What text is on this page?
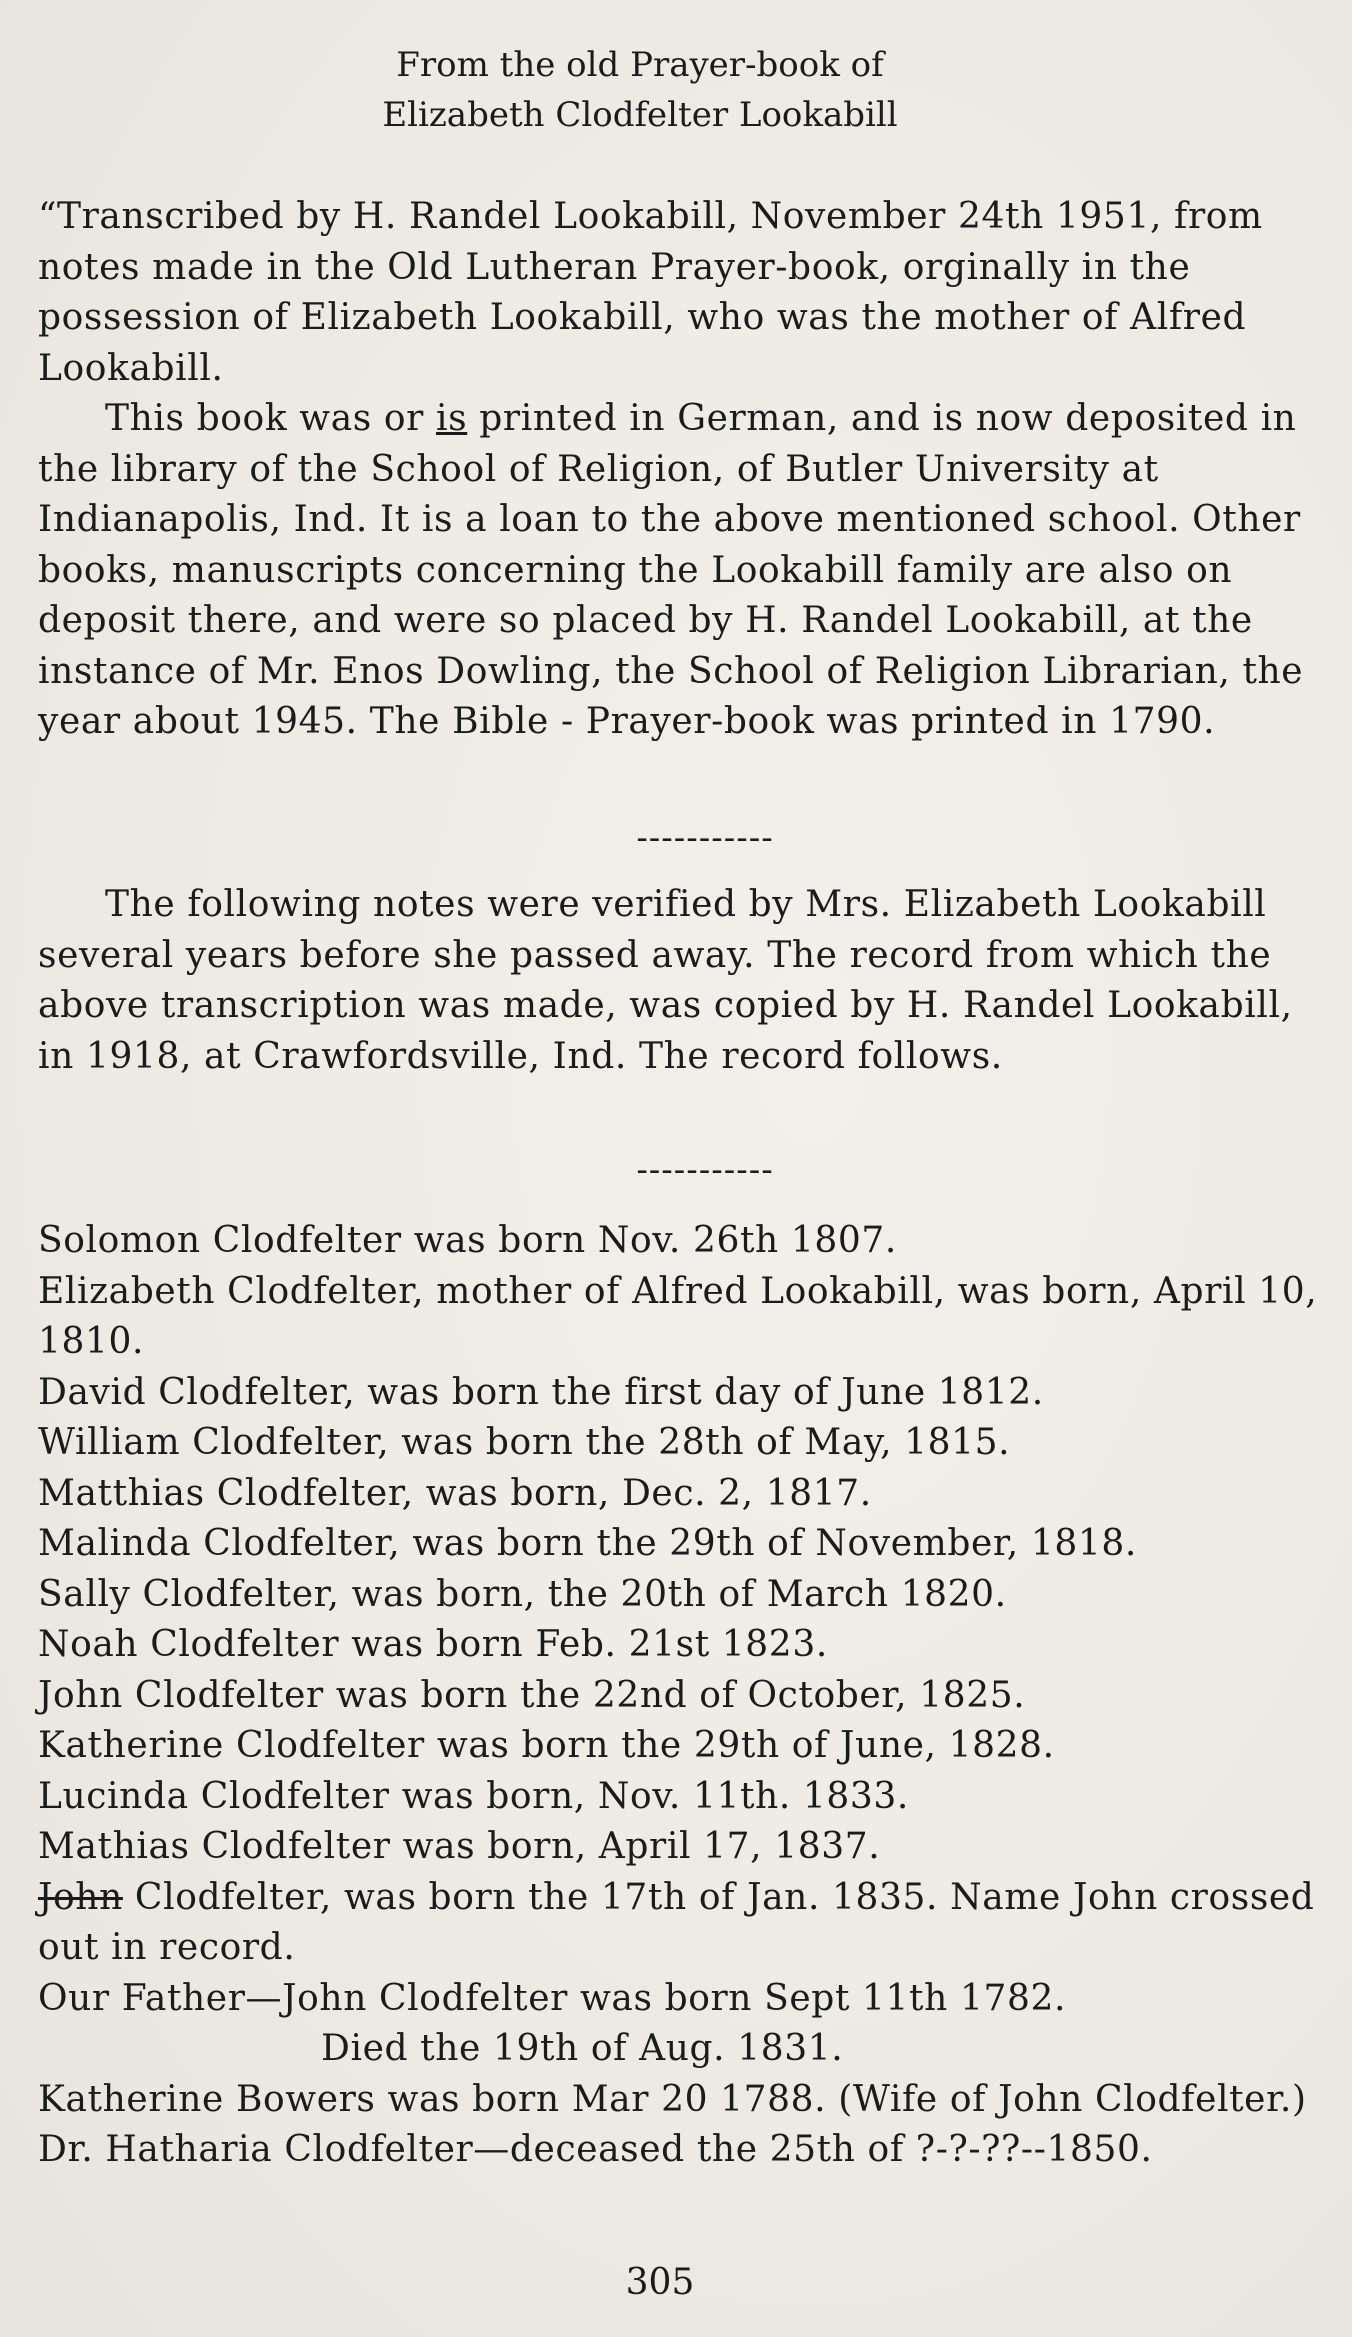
From the old Prayer-book of
Elizabeth Clodfelter Lookabill

“Transcribed by H. Randel Lookabill, November 24th 1951, from notes made in the Old Lutheran Prayer-book, orginally in the possession of Elizabeth Lookabill, who was the mother of Alfred Lookabill.

This book was or is printed in German, and is now deposited in the library of the School of Religion, of Butler University at Indianapolis, Ind. It is a loan to the above mentioned school. Other books, manuscripts concerning the Lookabill family are also on deposit there, and were so placed by H. Randel Lookabill, at the instance of Mr. Enos Dowling, the School of Religion Librarian, the year about 1945. The Bible - Prayer-book was printed in 1790.

-----------

The following notes were verified by Mrs. Elizabeth Lookabill several years before she passed away. The record from which the above transcription was made, was copied by H. Randel Lookabill, in 1918, at Crawfordsville, Ind. The record follows.

-----------

Solomon Clodfelter was born Nov. 26th 1807.

Elizabeth Clodfelter, mother of Alfred Lookabill, was born, April 10, 1810.

David Clodfelter, was born the first day of June 1812.

William Clodfelter, was born the 28th of May, 1815.

Matthias Clodfelter, was born, Dec. 2, 1817.

Malinda Clodfelter, was born the 29th of November, 1818.

Sally Clodfelter, was born, the 20th of March 1820.

Noah Clodfelter was born Feb. 21st 1823.

John Clodfelter was born the 22nd of October, 1825.

Katherine Clodfelter was born the 29th of June, 1828.

Lucinda Clodfelter was born, Nov. 11th. 1833.

Mathias Clodfelter was born, April 17, 1837.

John Clodfelter, was born the 17th of Jan. 1835. Name John crossed out in record.

Our Father—John Clodfelter was born Sept 11th 1782.

Died the 19th of Aug. 1831.

Katherine Bowers was born Mar 20 1788. (Wife of John Clodfelter.)

Dr. Hatharia Clodfelter—deceased the 25th of ?-?-??--1850.

305
